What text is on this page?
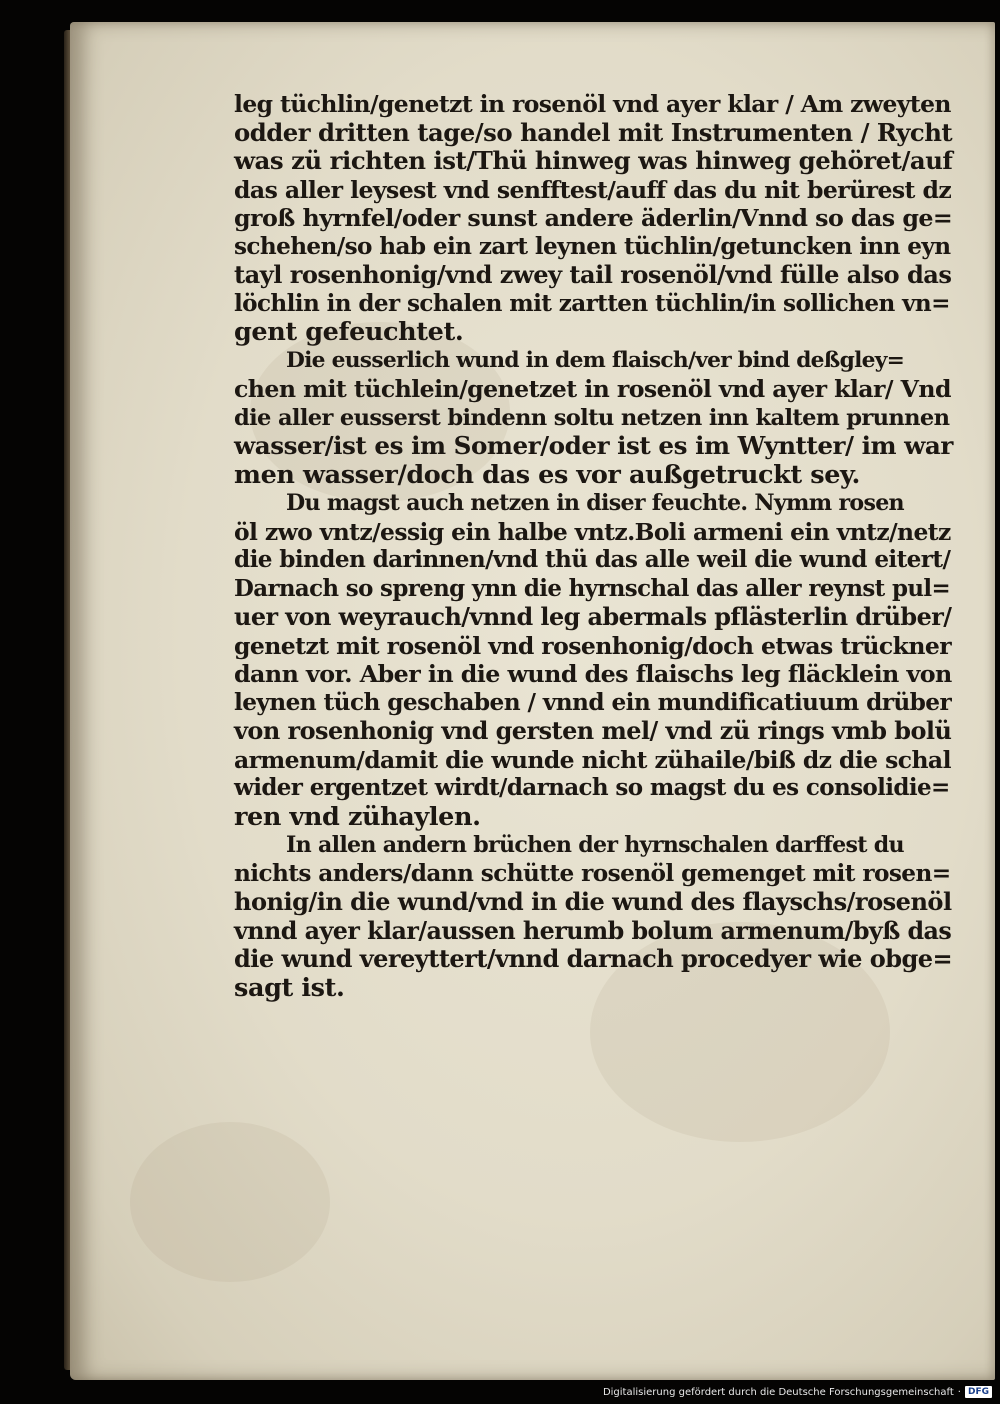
leg tüchlin/genetzt in rosenöl vnd ayer klar / Am zweyten
odder dritten tage/so handel mit Instrumenten / Rycht
was zü richten ist/Thü hinweg was hinweg gehöret/auf
das aller leysest vnd senfftest/auff das du nit berürest dz
groß hyrnfel/oder sunst andere äderlin/Vnnd so das ge=
schehen/so hab ein zart leynen tüchlin/getuncken inn eyn
tayl rosenhonig/vnd zwey tail rosenöl/vnd fülle also das
löchlin in der schalen mit zartten tüchlin/in sollichen vn=
gent gefeuchtet.
Die eusserlich wund in dem flaisch/ver bind deßgley=
chen mit tüchlein/genetzet in rosenöl vnd ayer klar/ Vnd
die aller eusserst bindenn soltu netzen inn kaltem prunnen
wasser/ist es im Somer/oder ist es im Wyntter/ im war
men wasser/doch das es vor außgetruckt sey.
Du magst auch netzen in diser feuchte. Nymm rosen
öl zwo vntz/essig ein halbe vntz.Boli armeni ein vntz/netz
die binden darinnen/vnd thü das alle weil die wund eitert/
Darnach so spreng ynn die hyrnschal das aller reynst pul=
uer von weyrauch/vnnd leg abermals pflästerlin drüber/
genetzt mit rosenöl vnd rosenhonig/doch etwas trückner
dann vor. Aber in die wund des flaischs leg fläcklein von
leynen tüch geschaben / vnnd ein mundificatiuum drüber
von rosenhonig vnd gersten mel/ vnd zü rings vmb bolü
armenum/damit die wunde nicht zühaile/biß dz die schal
wider ergentzet wirdt/darnach so magst du es consolidie=
ren vnd zühaylen.
In allen andern brüchen der hyrnschalen darffest du
nichts anders/dann schütte rosenöl gemenget mit rosen=
honig/in die wund/vnd in die wund des flayschs/rosenöl
vnnd ayer klar/aussen herumb bolum armenum/byß das
die wund vereyttert/vnnd darnach procedyer wie obge=
sagt ist.
Digitalisierung gefördert durch die Deutsche Forschungsgemeinschaft · DFG
